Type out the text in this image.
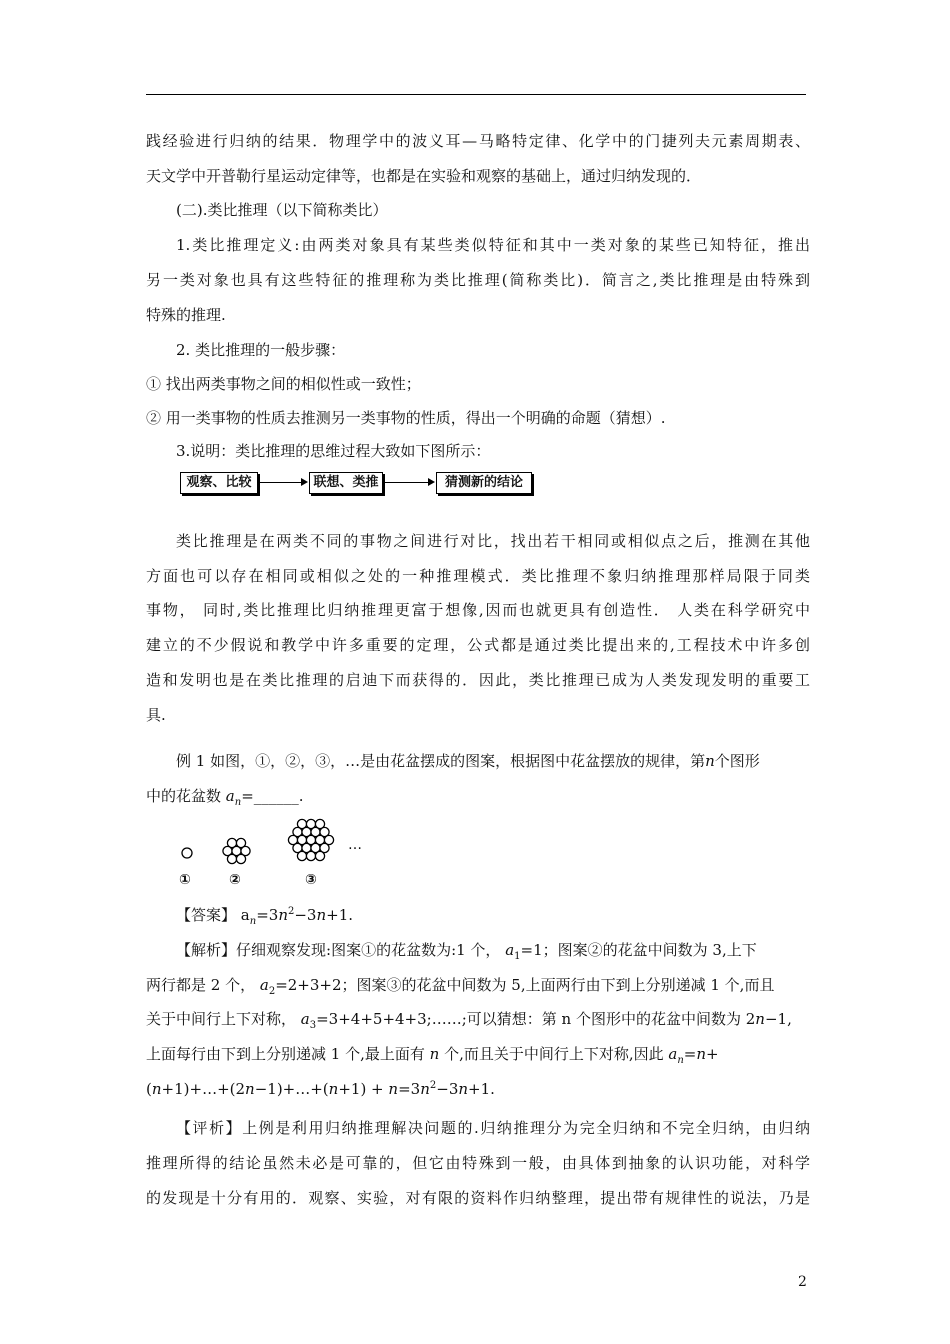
践经验进行归纳的结果．物理学中的波义耳—马略特定律、化学中的门捷列夫元素周期表、
天文学中开普勒行星运动定律等，也都是在实验和观察的基础上，通过归纳发现的．
(二).类比推理（以下简称类比）
1.类比推理定义:由两类对象具有某些类似特征和其中一类对象的某些已知特征，推出
另一类对象也具有这些特征的推理称为类比推理(简称类比)．简言之,类比推理是由特殊到
特殊的推理.
2. 类比推理的一般步骤：
① 找出两类事物之间的相似性或一致性；
② 用一类事物的性质去推测另一类事物的性质，得出一个明确的命题（猜想）.
3.说明：类比推理的思维过程大致如下图所示：
观察、比较	联想、类推	猜测新的结论
类比推理是在两类不同的事物之间进行对比，找出若干相同或相似点之后，推测在其他
方面也可以存在相同或相似之处的一种推理模式．类比推理不象归纳推理那样局限于同类
事物， 同时,类比推理比归纳推理更富于想像,因而也就更具有创造性． 人类在科学研究中
建立的不少假说和教学中许多重要的定理，公式都是通过类比提出来的,工程技术中许多创
造和发明也是在类比推理的启迪下而获得的．因此，类比推理已成为人类发现发明的重要工
具.
例 1 如图，①，②，③，…是由花盆摆成的图案，根据图中花盆摆放的规律，第n个图形
中的花盆数 $a_n=\_\_\_\_\_\_$.
①	②	③
…
【答案】 $a_n=3n^2-3n+1$.
【解析】仔细观察发现:图案①的花盆数为:1 个， $a_1=1$；图案②的花盆中间数为 3,上下
两行都是 2 个， $a_2=2+3+2$；图案③的花盆中间数为 5,上面两行由下到上分别递减 1 个,而且
关于中间行上下对称， $a_3=3+4+5+4+3;\dots\dots$;可以猜想：第 n 个图形中的花盆中间数为 2n−1,
上面每行由下到上分别递减 1 个,最上面有 n 个,而且关于中间行上下对称,因此 $a_n=n+$
(n+1)+…+(2n−1)+…+(n+1) + $n=3n^2-3n+1$.
【评析】上例是利用归纳推理解决问题的.归纳推理分为完全归纳和不完全归纳，由归纳
推理所得的结论虽然未必是可靠的，但它由特殊到一般，由具体到抽象的认识功能，对科学
的发现是十分有用的．观察、实验，对有限的资料作归纳整理，提出带有规律性的说法，乃是
2
